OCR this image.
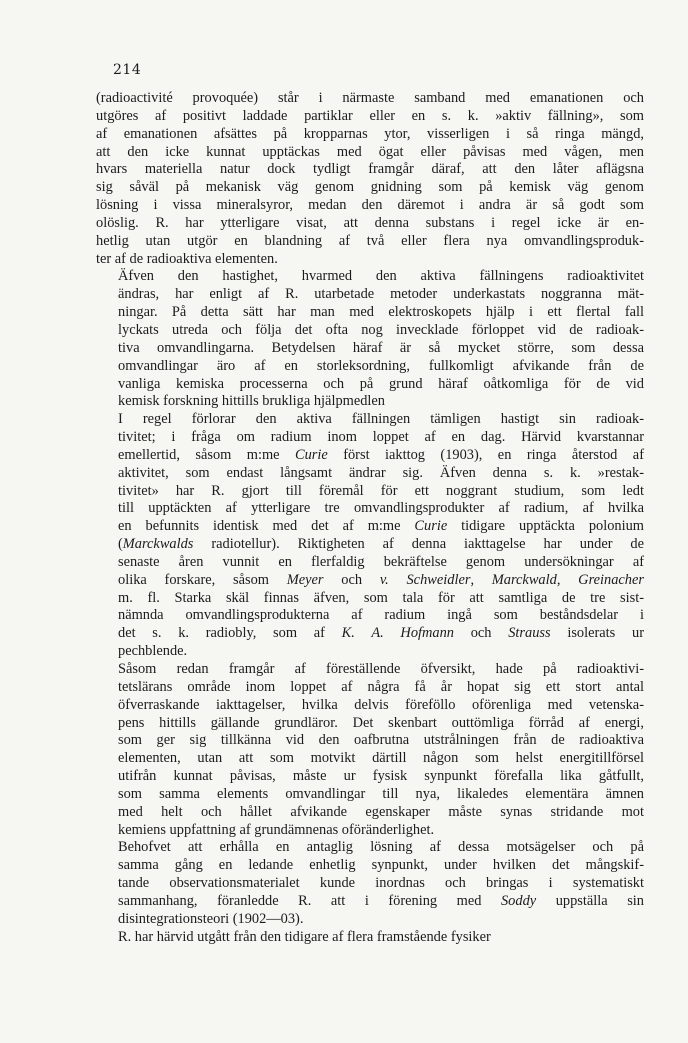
214
(radioactivité provoquée) står i närmaste samband med emanationen och
utgöres af positivt laddade partiklar eller en s. k. »aktiv fällning», som
af emanationen afsättes på kropparnas ytor, visserligen i så ringa mängd,
att den icke kunnat upptäckas med ögat eller påvisas med vågen, men
hvars materiella natur dock tydligt framgår däraf, att den låter aflägsna
sig såväl på mekanisk väg genom gnidning som på kemisk väg genom
lösning i vissa mineralsyror, medan den däremot i andra är så godt som
olöslig. R. har ytterligare visat, att denna substans i regel icke är en-
hetlig utan utgör en blandning af två eller flera nya omvandlingsproduk-
ter af de radioaktiva elementen.
Äfven den hastighet, hvarmed den aktiva fällningens radioaktivitet
ändras, har enligt af R. utarbetade metoder underkastats noggranna mät-
ningar. På detta sätt har man med elektroskopets hjälp i ett flertal fall
lyckats utreda och följa det ofta nog invecklade förloppet vid de radioak-
tiva omvandlingarna. Betydelsen häraf är så mycket större, som dessa
omvandlingar äro af en storleksordning, fullkomligt afvikande från de
vanliga kemiska processerna och på grund häraf oåtkomliga för de vid
kemisk forskning hittills brukliga hjälpmedlen
I regel förlorar den aktiva fällningen tämligen hastigt sin radioak-
tivitet; i fråga om radium inom loppet af en dag. Härvid kvarstannar
emellertid, såsom m:me Curie först iakttog (1903), en ringa återstod af
aktivitet, som endast långsamt ändrar sig. Äfven denna s. k. »restak-
tivitet» har R. gjort till föremål för ett noggrant studium, som ledt
till upptäckten af ytterligare tre omvandlingsprodukter af radium, af hvilka
en befunnits identisk med det af m:me Curie tidigare upptäckta polonium
(Marckwalds radiotellur). Riktigheten af denna iakttagelse har under de
senaste åren vunnit en flerfaldig bekräftelse genom undersökningar af
olika forskare, såsom Meyer och v. Schweidler, Marckwald, Greinacher
m. fl. Starka skäl finnas äfven, som tala för att samtliga de tre sist-
nämnda omvandlingsprodukterna af radium ingå som beståndsdelar i
det s. k. radiobly, som af K. A. Hofmann och Strauss isolerats ur
pechblende.
Såsom redan framgår af föreställende öfversikt, hade på radioaktivi-
tetslärans område inom loppet af några få år hopat sig ett stort antal
öfverraskande iakttagelser, hvilka delvis föreföllo oförenliga med vetenska-
pens hittills gällande grundläror. Det skenbart outtömliga förråd af energi,
som ger sig tillkänna vid den oafbrutna utstrålningen från de radioaktiva
elementen, utan att som motvikt därtill någon som helst energitillförsel
utifrån kunnat påvisas, måste ur fysisk synpunkt förefalla lika gåtfullt,
som samma elements omvandlingar till nya, likaledes elementära ämnen
med helt och hållet afvikande egenskaper måste synas stridande mot
kemiens uppfattning af grundämnenas oföränderlighet.
Behofvet att erhålla en antaglig lösning af dessa motsägelser och på
samma gång en ledande enhetlig synpunkt, under hvilken det mångskif-
tande observationsmaterialet kunde inordnas och bringas i systematiskt
sammanhang, föranledde R. att i förening med Soddy uppställa sin
disintegrationsteori (1902—03).
R. har härvid utgått från den tidigare af flera framstående fysiker
